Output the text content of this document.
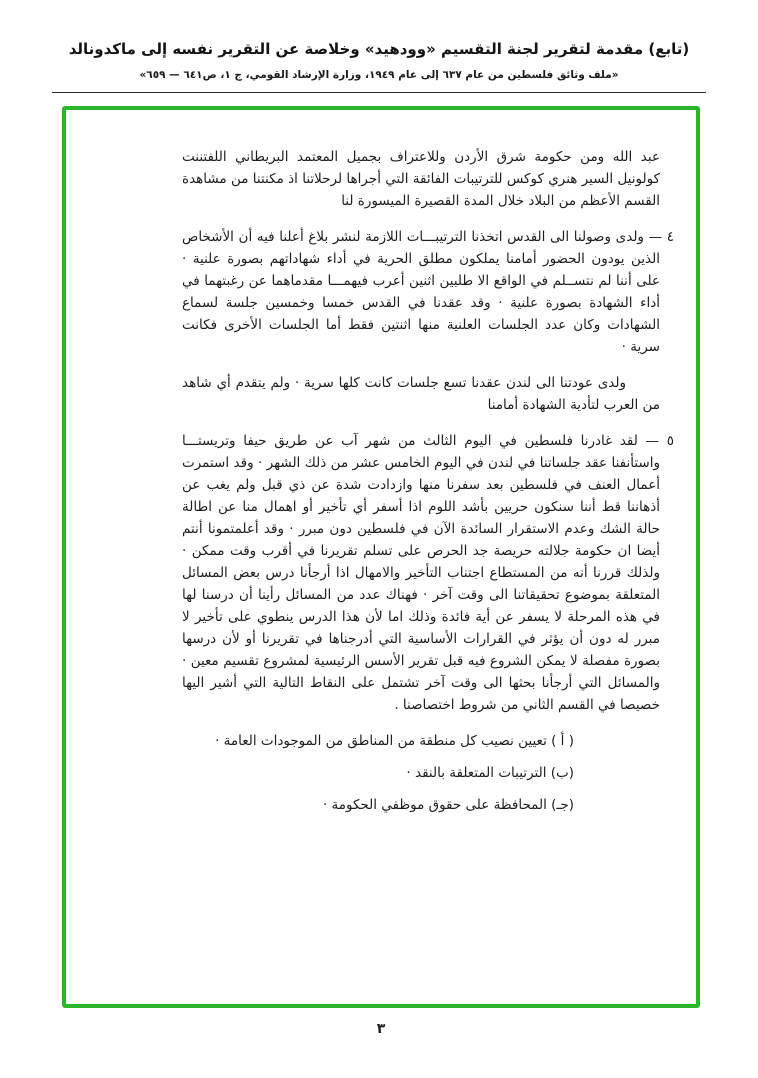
(تابع) مقدمة لتقرير لجنة التقسيم «وودهيد» وخلاصة عن التقرير نفسه إلى ماكدونالد
«ملف وثائق فلسطين من عام ٦٣٧ إلى عام ١٩٤٩، وزارة الإرشاد القومي، ج ١، ص٦٤١ — ٦٥٩»

عبد الله ومن حكومة شرق الأردن وللاعتراف بجميل المعتمد البريطاني اللفتننت كولونيل السير هنري كوكس للترتيبات الفائقة التي أجراها لرحلاتنا اذ مكنتنا من مشاهدة القسم الأعظم من البلاد خلال المدة القصيرة الميسورة لنا

٤ — ولدى وصولنا الى القدس اتخذنا الترتيبـــات اللازمة لنشر بلاغ أعلنا فيه أن الأشخاص الذين يودون الحضور أمامنا يملكون مطلق الحرية في أداء شهاداتهم بصورة علنية · على أننا لم نتســلم في الواقع الا طلبين اثنين أعرب فيهمـــا مقدماهما عن رغبتهما في أداء الشهادة بصورة علنية · وقد عقدنا في القدس خمسا وخمسين جلسة لسماع الشهادات وكان عدد الجلسات العلنية منها اثنتين فقط أما الجلسات الأخرى فكانت سرية ·

ولدى عودتنا الى لندن عقدنا تسع جلسات كانت كلها سرية · ولم يتقدم أي شاهد من العرب لتأدية الشهادة أمامنا

٥ — لقد غادرنا فلسطين في اليوم الثالث من شهر آب عن طريق حيفا وتريستـــا واستأنفنا عقد جلساتنا في لندن في اليوم الخامس عشر من ذلك الشهر · وقد استمرت أعمال العنف في فلسطين بعد سفرنا منها وازدادت شدة عن ذي قبل ولم يغب عن أذهاننا قط أننا سنكون حريين بأشد اللوم اذا أسفر أي تأخير أو اهمال منا عن اطالة حالة الشك وعدم الاستقرار السائدة الآن في فلسطين دون مبرر · وقد أعلمتمونا أنتم أيضا ان حكومة جلالته حريصة جد الحرص على تسلم تقريرنا في أقرب وقت ممكن · ولذلك قررنا أنه من المستطاع اجتناب التأخير والامهال اذا أرجأنا درس بعض المسائل المتعلقة بموضوع تحقيقاتنا الى وقت آخر · فهناك عدد من المسائل رأينا أن درسنا لها في هذه المرحلة لا يسفر عن أية فائدة وذلك اما لأن هذا الدرس ينطوي على تأخير لا مبرر له دون أن يؤثر في القرارات الأساسية التي أدرجناها في تقريرنا أو لأن درسها بصورة مفصلة لا يمكن الشروع فيه قبل تقرير الأسس الرئيسية لمشروع تقسيم معين · والمسائل التي أرجأنا بحثها الى وقت آخر تشتمل على النقاط التالية التي أشير اليها خصيصا في القسم الثاني من شروط اختصاصنا .

( أ ) تعيين نصيب كل منطقة من المناطق من الموجودات العامة ·

(ب) الترتيبات المتعلقة بالنقد ·

(جـ) المحافظة على حقوق موظفي الحكومة ·

٣
